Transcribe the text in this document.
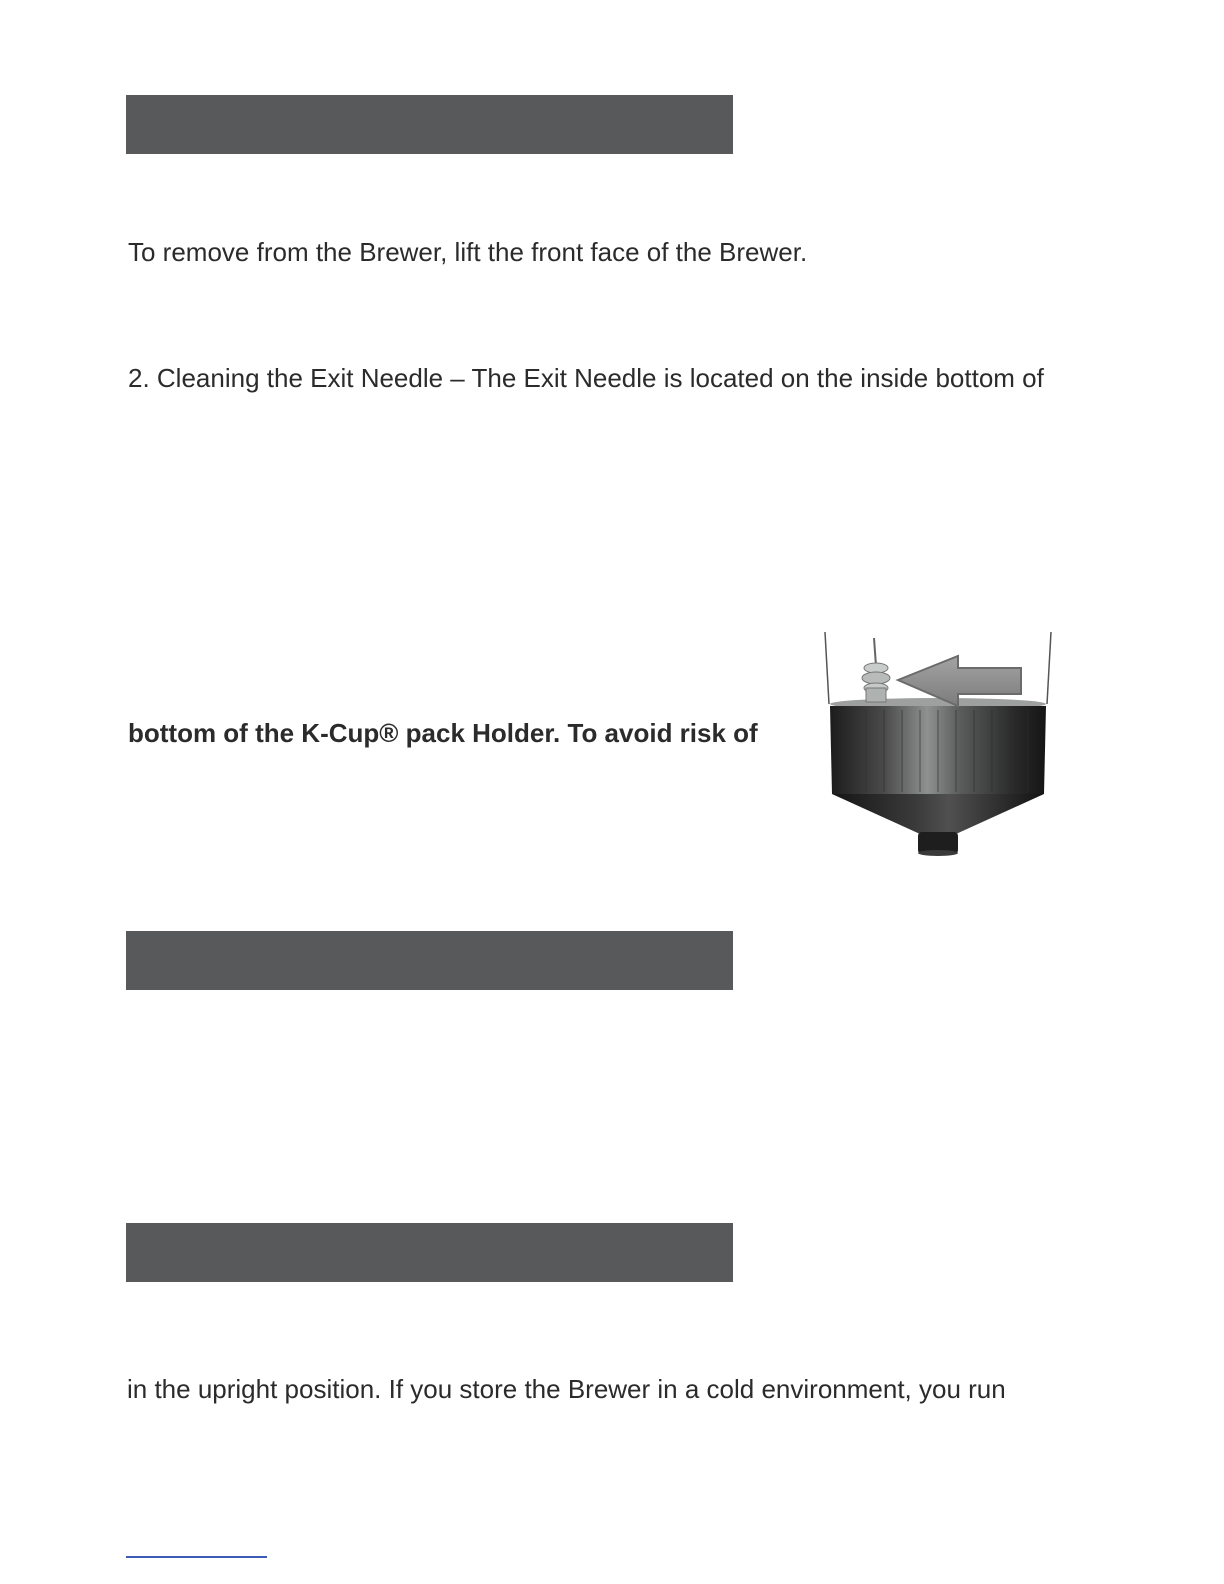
To remove from the Brewer, lift the front face of the Brewer.
2. Cleaning the Exit Needle – The Exit Needle is located on the inside bottom of
bottom of the K-Cup® pack Holder. To avoid risk of
in the upright position. If you store the Brewer in a cold environment, you run
